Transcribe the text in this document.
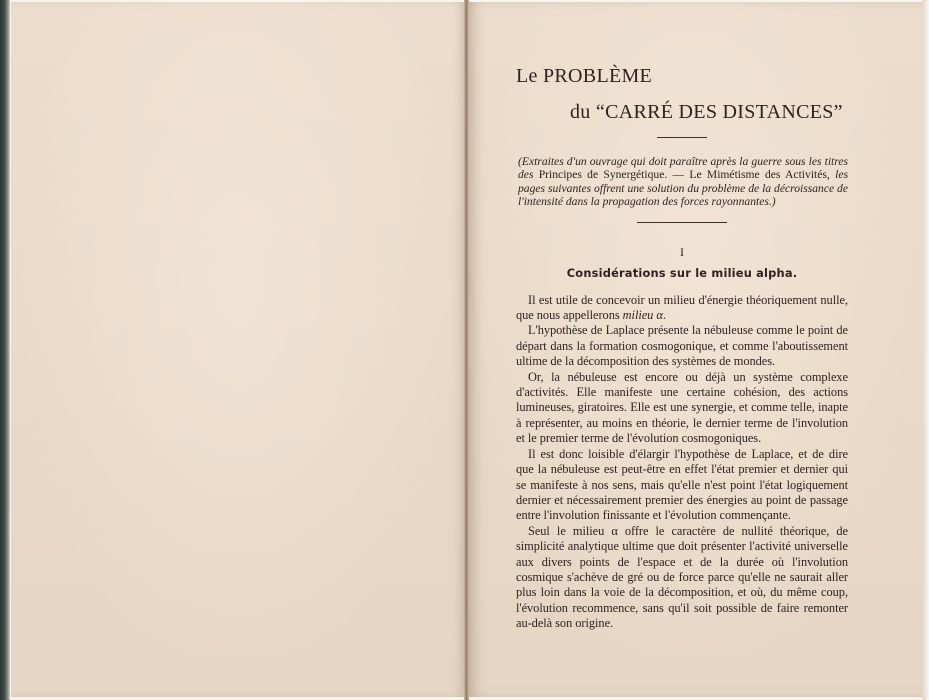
Le PROBLÈME
du “CARRÉ DES DISTANCES”
(Extraites d'un ouvrage qui doit paraître après la guerre sous les titres des Principes de Synergétique. — Le Mimétisme des Activités, les pages suivantes offrent une solution du problème de la décroissance de l'intensité dans la propagation des forces rayonnantes.)
I
Considérations sur le milieu alpha.

Il est utile de concevoir un milieu d'énergie théoriquement nulle, que nous appellerons milieu α.

L'hypothèse de Laplace présente la nébuleuse comme le point de départ dans la formation cosmogonique, et comme l'aboutissement ultime de la décomposition des systèmes de mondes.

Or, la nébuleuse est encore ou déjà un système complexe d'activités. Elle manifeste une certaine cohésion, des actions lumineuses, giratoires. Elle est une synergie, et comme telle, inapte à représenter, au moins en théorie, le dernier terme de l'involution et le premier terme de l'évolution cosmogoniques.

Il est donc loisible d'élargir l'hypothèse de Laplace, et de dire que la nébuleuse est peut-être en effet l'état premier et dernier qui se manifeste à nos sens, mais qu'elle n'est point l'état logiquement dernier et nécessairement premier des énergies au point de passage entre l'involution finissante et l'évolution commençante.

Seul le milieu α offre le caractère de nullité théorique, de simplicité analytique ultime que doit présenter l'activité universelle aux divers points de l'espace et de la durée où l'involution cosmique s'achève de gré ou de force parce qu'elle ne saurait aller plus loin dans la voie de la décomposition, et où, du même coup, l'évolution recommence, sans qu'il soit possible de faire remonter au-delà son origine.
